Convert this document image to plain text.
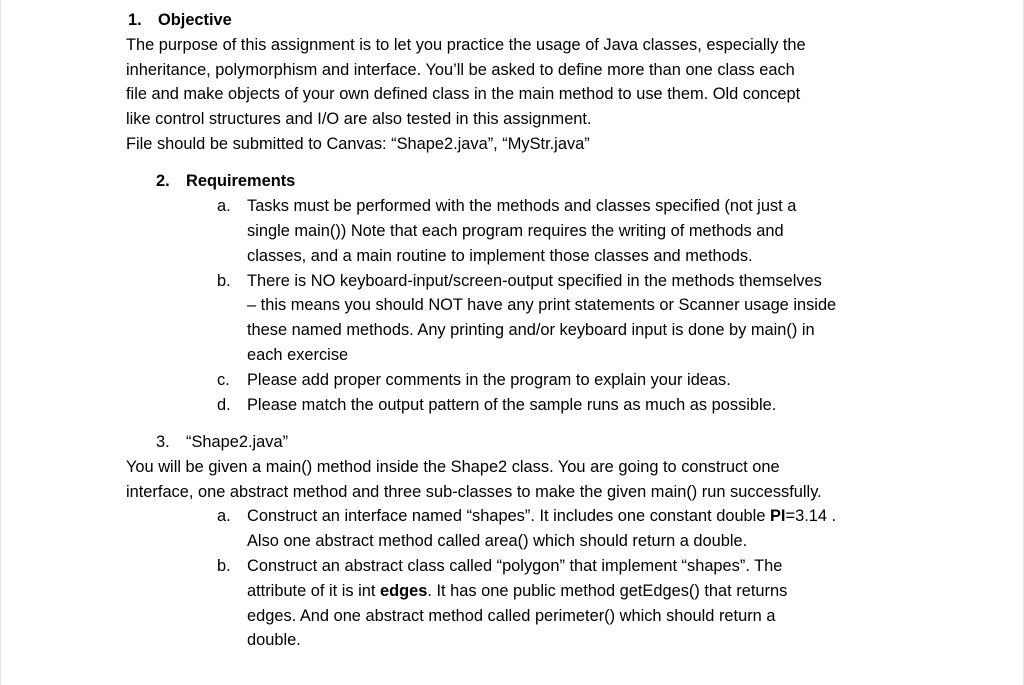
1. Objective

The purpose of this assignment is to let you practice the usage of Java classes, especially the
inheritance, polymorphism and interface. You’ll be asked to define more than one class each
file and make objects of your own defined class in the main method to use them. Old concept
like control structures and I/O are also tested in this assignment.
File should be submitted to Canvas: “Shape2.java”, “MyStr.java”

2. Requirements
a. Tasks must be performed with the methods and classes specified (not just a
single main()) Note that each program requires the writing of methods and
classes, and a main routine to implement those classes and methods.
b. There is NO keyboard-input/screen-output specified in the methods themselves
– this means you should NOT have any print statements or Scanner usage inside
these named methods. Any printing and/or keyboard input is done by main() in
each exercise
c. Please add proper comments in the program to explain your ideas.
d. Please match the output pattern of the sample runs as much as possible.
3. “Shape2.java”

You will be given a main() method inside the Shape2 class. You are going to construct one
interface, one abstract method and three sub-classes to make the given main() run successfully.

a. Construct an interface named “shapes”. It includes one constant double PI=3.14 .
Also one abstract method called area() which should return a double.
b. Construct an abstract class called “polygon” that implement “shapes”. The
attribute of it is int edges. It has one public method getEdges() that returns
edges. And one abstract method called perimeter() which should return a
double.
